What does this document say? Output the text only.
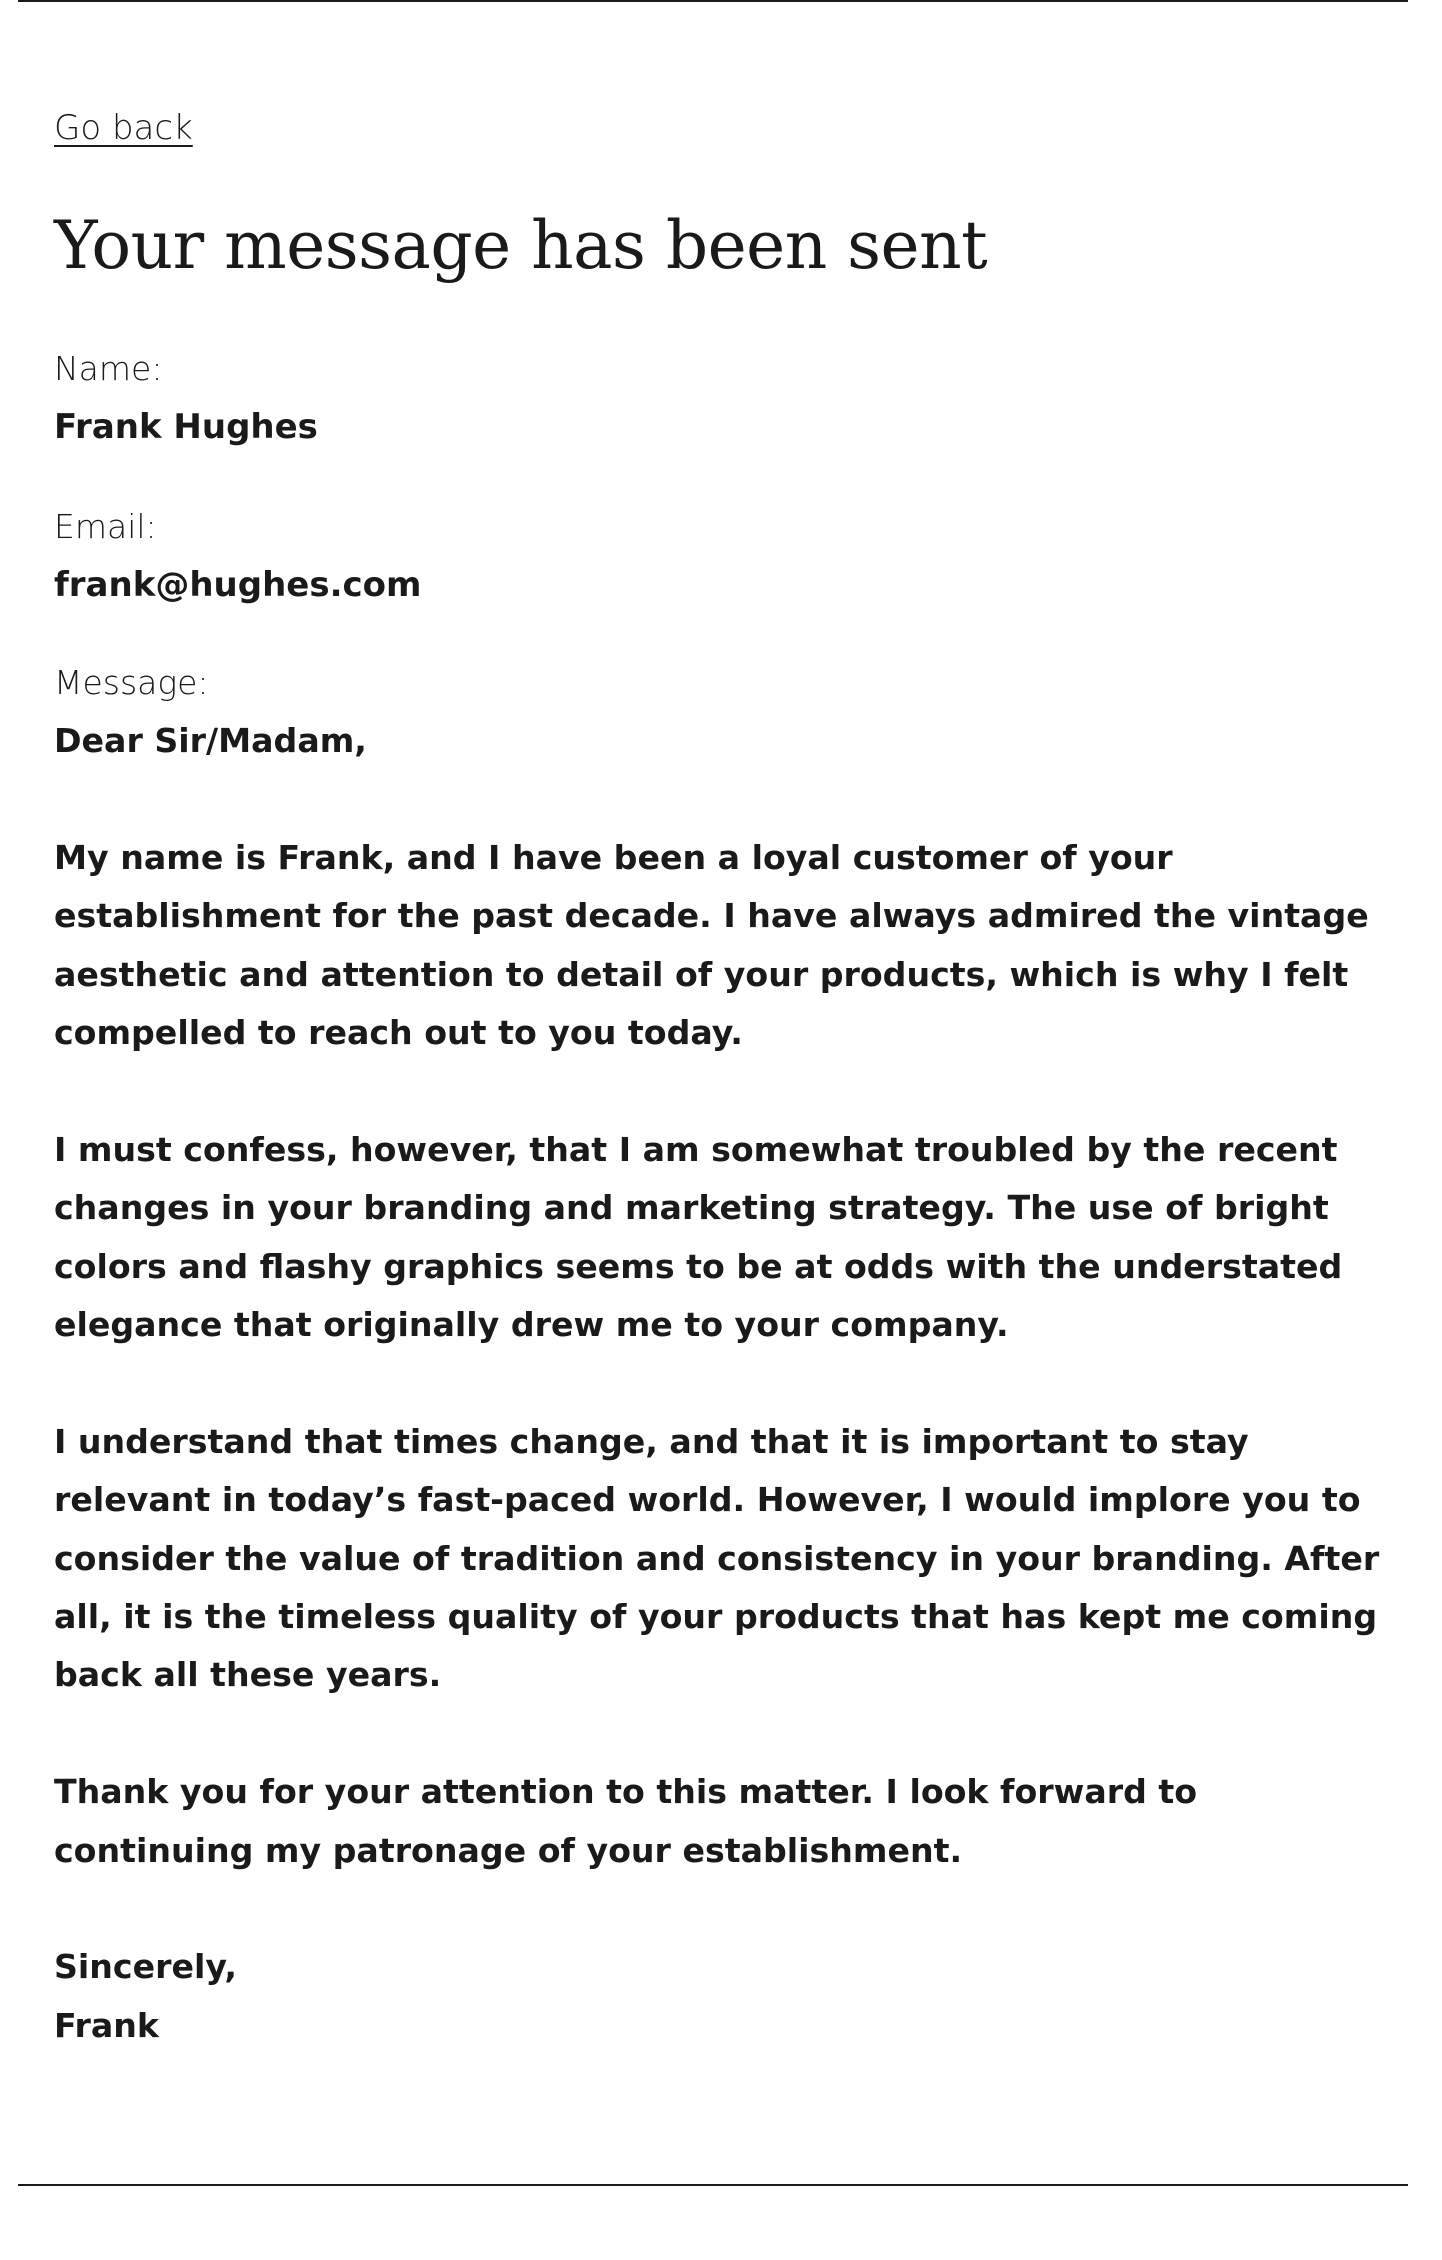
Go back
Your message has been sent
Name:
Frank Hughes
Email:
frank@hughes.com
Message:

Dear Sir/Madam,

My name is Frank, and I have been a loyal customer of your establishment for the past decade. I have always admired the vintage aesthetic and attention to detail of your products, which is why I felt compelled to reach out to you today.

I must confess, however, that I am somewhat troubled by the recent changes in your branding and marketing strategy. The use of bright colors and flashy graphics seems to be at odds with the understated elegance that originally drew me to your company.

I understand that times change, and that it is important to stay relevant in today’s fast-paced world. However, I would implore you to consider the value of tradition and consistency in your branding. After all, it is the timeless quality of your products that has kept me coming back all these years.

Thank you for your attention to this matter. I look forward to continuing my patronage of your establishment.

Sincerely,
Frank
